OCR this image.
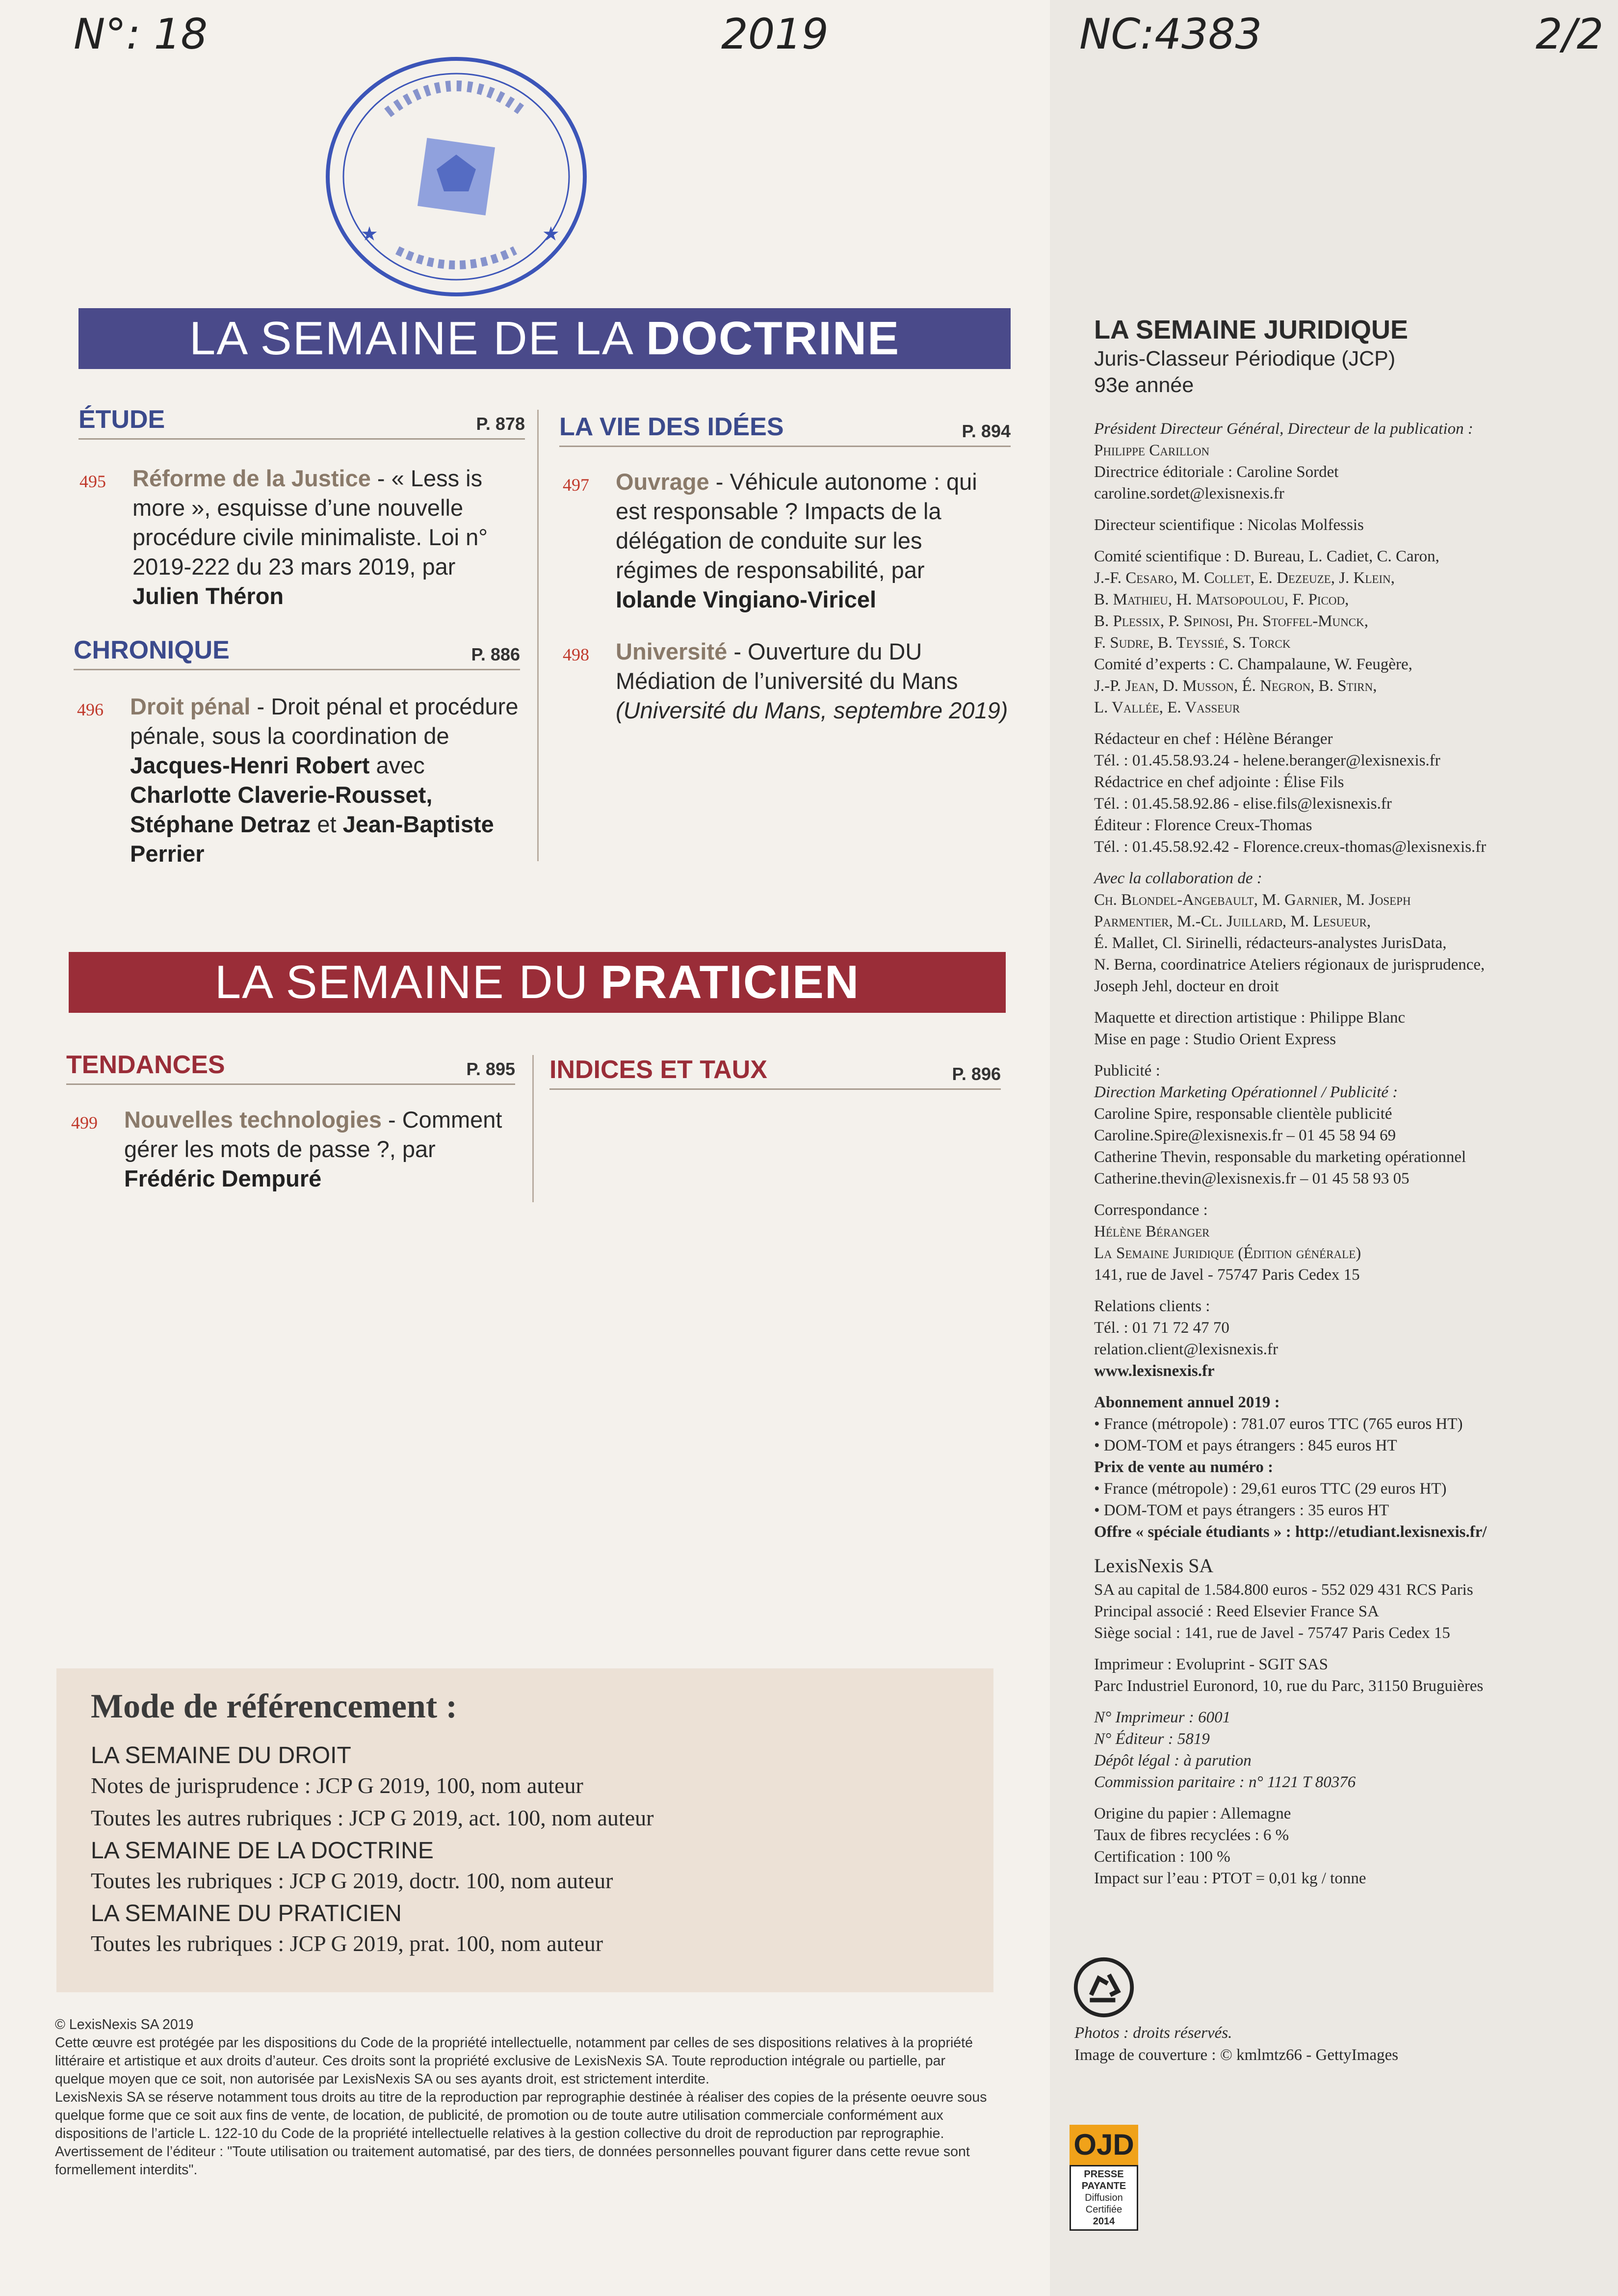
N°: 18	2019	NC:4383	2/2
★	★
LA SEMAINE DE LA DOCTRINE
ÉTUDE	P. 878
495 Réforme de la Justice - « Less is more », esquisse d’une nouvelle procédure civile minimaliste. Loi n° 2019-222 du 23 mars 2019, par Julien Théron
CHRONIQUE	P. 886
496 Droit pénal - Droit pénal et procédure pénale, sous la coordination de Jacques-Henri Robert avec Charlotte Claverie-Rousset, Stéphane Detraz et Jean-Baptiste Perrier
LA VIE DES IDÉES	P. 894
497 Ouvrage - Véhicule autonome : qui est responsable ? Impacts de la délégation de conduite sur les régimes de responsabilité, par Iolande Vingiano-Viricel
498 Université - Ouverture du DU Médiation de l’université du Mans (Université du Mans, septembre 2019)
LA SEMAINE DU PRATICIEN
TENDANCES	P. 895
499 Nouvelles technologies - Comment gérer les mots de passe ?, par Frédéric Dempuré
INDICES ET TAUX	P. 896

LA SEMAINE JURIDIQUE

Juris-Classeur Périodique (JCP)

93e année

Président Directeur Général, Directeur de la publication :

Philippe Carillon

Directrice éditoriale : Caroline Sordet

caroline.sordet@lexisnexis.fr

Directeur scientifique : Nicolas Molfessis

Comité scientifique : D. Bureau, L. Cadiet, C. Caron,

J.-F. Cesaro, M. Collet, E. Dezeuze, J. Klein,

B. Mathieu, H. Matsopoulou, F. Picod,

B. Plessix, P. Spinosi, Ph. Stoffel-Munck,

F. Sudre, B. Teyssié, S. Torck

Comité d’experts : C. Champalaune, W. Feugère,

J.-P. Jean, D. Musson, É. Negron, B. Stirn,

L. Vallée, E. Vasseur

Rédacteur en chef : Hélène Béranger

Tél. : 01.45.58.93.24 - helene.beranger@lexisnexis.fr

Rédactrice en chef adjointe : Élise Fils

Tél. : 01.45.58.92.86 - elise.fils@lexisnexis.fr

Éditeur : Florence Creux-Thomas

Tél. : 01.45.58.92.42 - Florence.creux-thomas@lexisnexis.fr

Avec la collaboration de :

Ch. Blondel-Angebault, M. Garnier, M. Joseph

Parmentier, M.-Cl. Juillard, M. Lesueur,

É. Mallet, Cl. Sirinelli, rédacteurs-analystes JurisData,

N. Berna, coordinatrice Ateliers régionaux de jurisprudence,

Joseph Jehl, docteur en droit

Maquette et direction artistique : Philippe Blanc

Mise en page : Studio Orient Express

Publicité :

Direction Marketing Opérationnel / Publicité :

Caroline Spire, responsable clientèle publicité

Caroline.Spire@lexisnexis.fr – 01 45 58 94 69

Catherine Thevin, responsable du marketing opérationnel

Catherine.thevin@lexisnexis.fr – 01 45 58 93 05

Correspondance :

Hélène Béranger

La Semaine Juridique (Édition générale)

141, rue de Javel - 75747 Paris Cedex 15

Relations clients :

Tél. : 01 71 72 47 70

relation.client@lexisnexis.fr

www.lexisnexis.fr

Abonnement annuel 2019 :

• France (métropole) : 781.07 euros TTC (765 euros HT)

• DOM-TOM et pays étrangers : 845 euros HT

Prix de vente au numéro :

• France (métropole) : 29,61 euros TTC (29 euros HT)

• DOM-TOM et pays étrangers : 35 euros HT

Offre « spéciale étudiants » : http://etudiant.lexisnexis.fr/

LexisNexis SA

SA au capital de 1.584.800 euros - 552 029 431 RCS Paris

Principal associé : Reed Elsevier France SA

Siège social : 141, rue de Javel - 75747 Paris Cedex 15

Imprimeur : Evoluprint - SGIT SAS

Parc Industriel Euronord, 10, rue du Parc, 31150 Bruguières

N° Imprimeur : 6001

N° Éditeur : 5819

Dépôt légal : à parution

Commission paritaire : n° 1121 T 80376

Origine du papier : Allemagne

Taux de fibres recyclées : 6 %

Certification : 100 %

Impact sur l’eau : PTOT = 0,01 kg / tonne

Photos : droits réservés.
Image de couverture : © kmlmtz66 - GettyImages
OJD
PRESSE
PAYANTE
Diffusion
Certifiée
2014
Mode de référencement :
LA SEMAINE DU DROIT
Notes de jurisprudence : JCP G 2019, 100, nom auteur
Toutes les autres rubriques : JCP G 2019, act. 100, nom auteur
LA SEMAINE DE LA DOCTRINE
Toutes les rubriques : JCP G 2019, doctr. 100, nom auteur
LA SEMAINE DU PRATICIEN
Toutes les rubriques : JCP G 2019, prat. 100, nom auteur

© LexisNexis SA 2019

Cette œuvre est protégée par les dispositions du Code de la propriété intellectuelle, notamment par celles de ses dispositions relatives à la propriété littéraire et artistique et aux droits d’auteur. Ces droits sont la propriété exclusive de LexisNexis SA. Toute reproduction intégrale ou partielle, par quelque moyen que ce soit, non autorisée par LexisNexis SA ou ses ayants droit, est strictement interdite.

LexisNexis SA se réserve notamment tous droits au titre de la reproduction par reprographie destinée à réaliser des copies de la présente oeuvre sous quelque forme que ce soit aux fins de vente, de location, de publicité, de promotion ou de toute autre utilisation commerciale conformément aux dispositions de l’article L. 122-10 du Code de la propriété intellectuelle relatives à la gestion collective du droit de reproduction par reprographie. Avertissement de l’éditeur : "Toute utilisation ou traitement automatisé, par des tiers, de données personnelles pouvant figurer dans cette revue sont formellement interdits".
